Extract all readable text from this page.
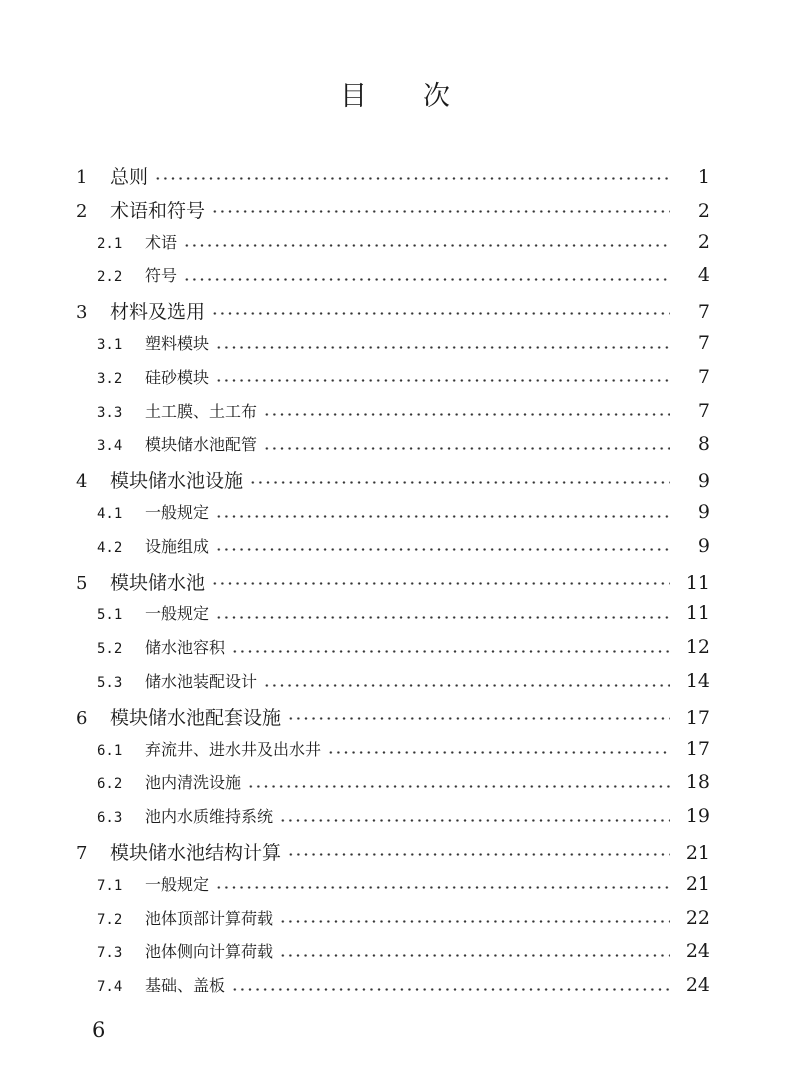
目次
1	总则	1
2	术语和符号	2
2.1	术语	2
2.2	符号	4
3	材料及选用	7
3.1	塑料模块	7
3.2	硅砂模块	7
3.3	土工膜、土工布	7
3.4	模块储水池配管	8
4	模块储水池设施	9
4.1	一般规定	9
4.2	设施组成	9
5	模块储水池	11
5.1	一般规定	11
5.2	储水池容积	12
5.3	储水池装配设计	14
6	模块储水池配套设施	17
6.1	弃流井、进水井及出水井	17
6.2	池内清洗设施	18
6.3	池内水质维持系统	19
7	模块储水池结构计算	21
7.1	一般规定	21
7.2	池体顶部计算荷载	22
7.3	池体侧向计算荷载	24
7.4	基础、盖板	24

6
